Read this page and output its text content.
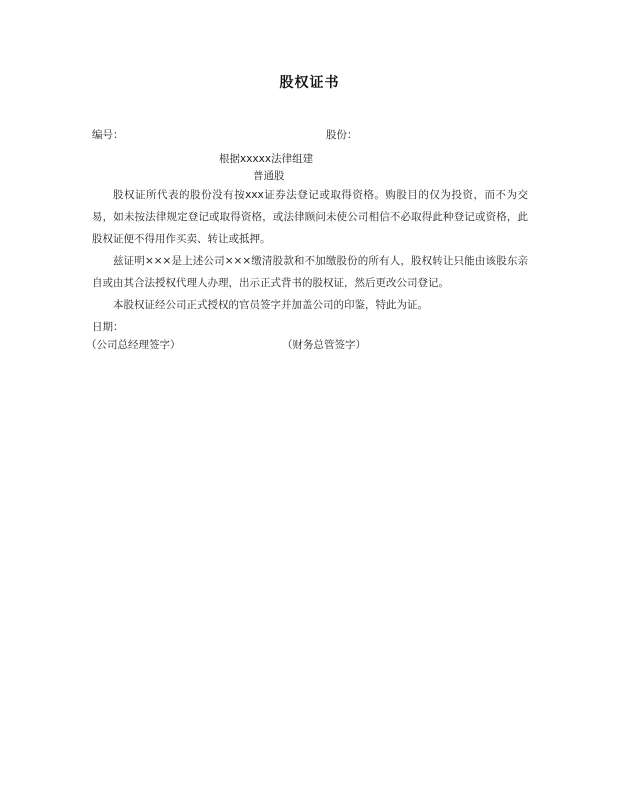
股权证书
编号：	股份：
根据xxxxx法律组建
普通股
股权证所代表的股份没有按xxx证券法登记或取得资格。购股目的仅为投资，而不为交易，如未按法律规定登记或取得资格，或法律顾问未使公司相信不必取得此种登记或资格，此股权证便不得用作买卖、转让或抵押。
兹证明×××是上述公司×××缴清股款和不加缴股份的所有人，股权转让只能由该股东亲自或由其合法授权代理人办理，出示正式背书的股权证，然后更改公司登记。
本股权证经公司正式授权的官员签字并加盖公司的印鉴，特此为证。
日期：
（公司总经理签字）	（财务总管签字）
